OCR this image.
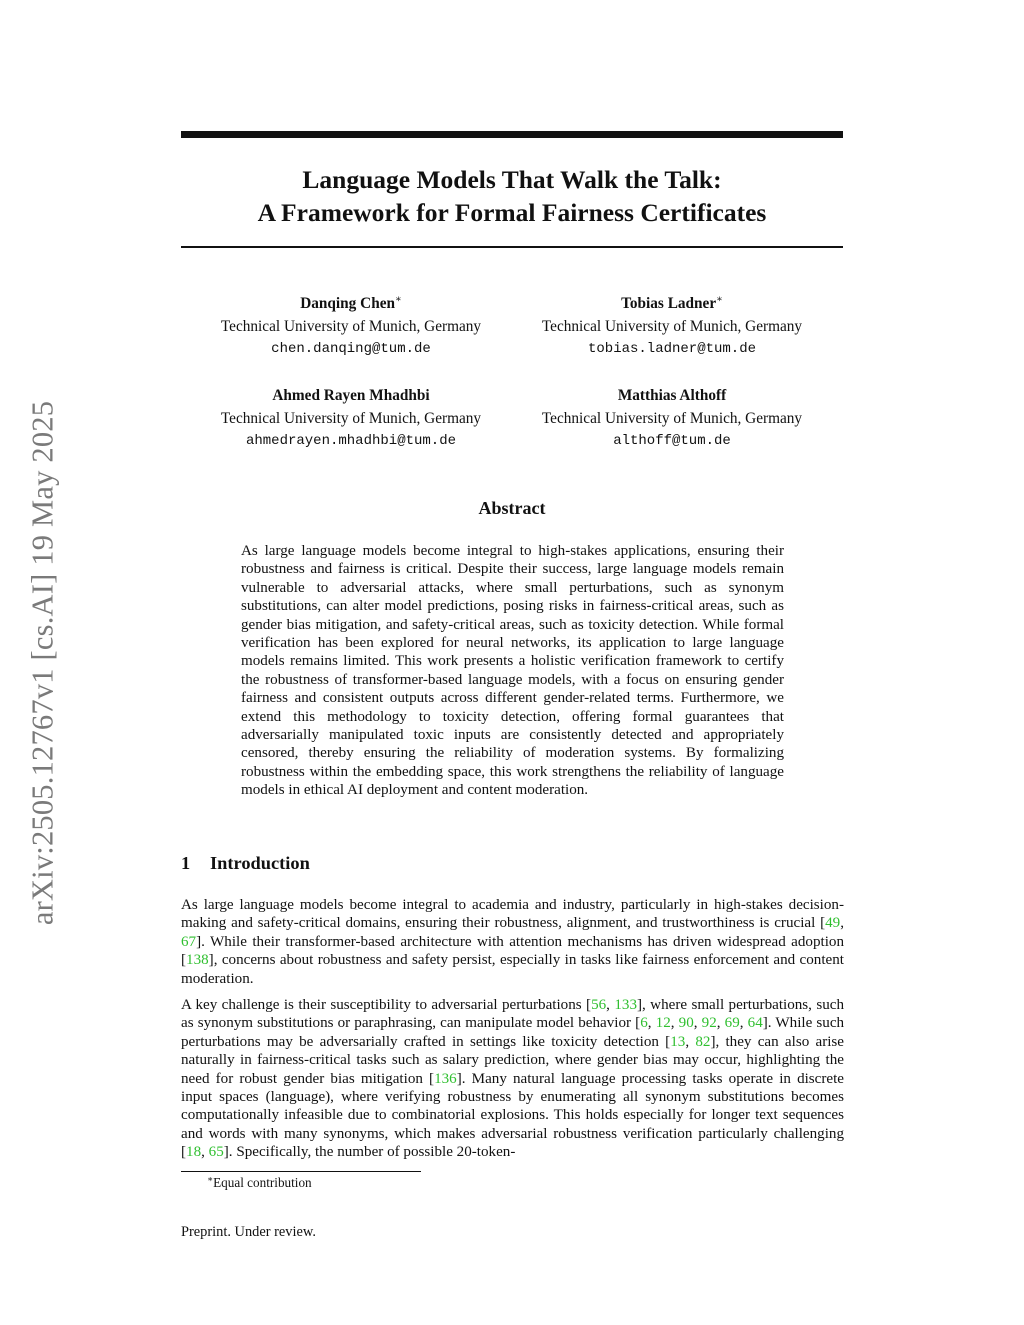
arXiv:2505.12767v1 [cs.AI] 19 May 2025
Language Models That Walk the Talk:
A Framework for Formal Fairness Certificates
Danqing Chen∗
Technical University of Munich, Germany
chen.danqing@tum.de
Tobias Ladner∗
Technical University of Munich, Germany
tobias.ladner@tum.de
Ahmed Rayen Mhadhbi
Technical University of Munich, Germany
ahmedrayen.mhadhbi@tum.de
Matthias Althoff
Technical University of Munich, Germany
althoff@tum.de
Abstract
As large language models become integral to high-stakes applications, ensuring their robustness and fairness is critical. Despite their success, large language models remain vulnerable to adversarial attacks, where small perturbations, such as synonym substitutions, can alter model predictions, posing risks in fairness-critical areas, such as gender bias mitigation, and safety-critical areas, such as toxicity detection. While formal verification has been explored for neural networks, its application to large language models remains limited. This work presents a holistic verification framework to certify the robustness of transformer-based language models, with a focus on ensuring gender fairness and consistent outputs across different gender-related terms. Furthermore, we extend this methodology to toxicity detection, offering formal guarantees that adversarially manipulated toxic inputs are consistently detected and appropriately censored, thereby ensuring the reliability of moderation systems. By formalizing robustness within the embedding space, this work strengthens the reliability of language models in ethical AI deployment and content moderation.
1 Introduction
As large language models become integral to academia and industry, particularly in high-stakes decision-making and safety-critical domains, ensuring their robustness, alignment, and trustworthiness is crucial [49, 67]. While their transformer-based architecture with attention mechanisms has driven widespread adoption [138], concerns about robustness and safety persist, especially in tasks like fairness enforcement and content moderation.
A key challenge is their susceptibility to adversarial perturbations [56, 133], where small perturbations, such as synonym substitutions or paraphrasing, can manipulate model behavior [6, 12, 90, 92, 69, 64]. While such perturbations may be adversarially crafted in settings like toxicity detection [13, 82], they can also arise naturally in fairness-critical tasks such as salary prediction, where gender bias may occur, highlighting the need for robust gender bias mitigation [136]. Many natural language processing tasks operate in discrete input spaces (language), where verifying robustness by enumerating all synonym substitutions becomes computationally infeasible due to combinatorial explosions. This holds especially for longer text sequences and words with many synonyms, which makes adversarial robustness verification particularly challenging [18, 65]. Specifically, the number of possible 20-token-
∗Equal contribution
Preprint. Under review.
